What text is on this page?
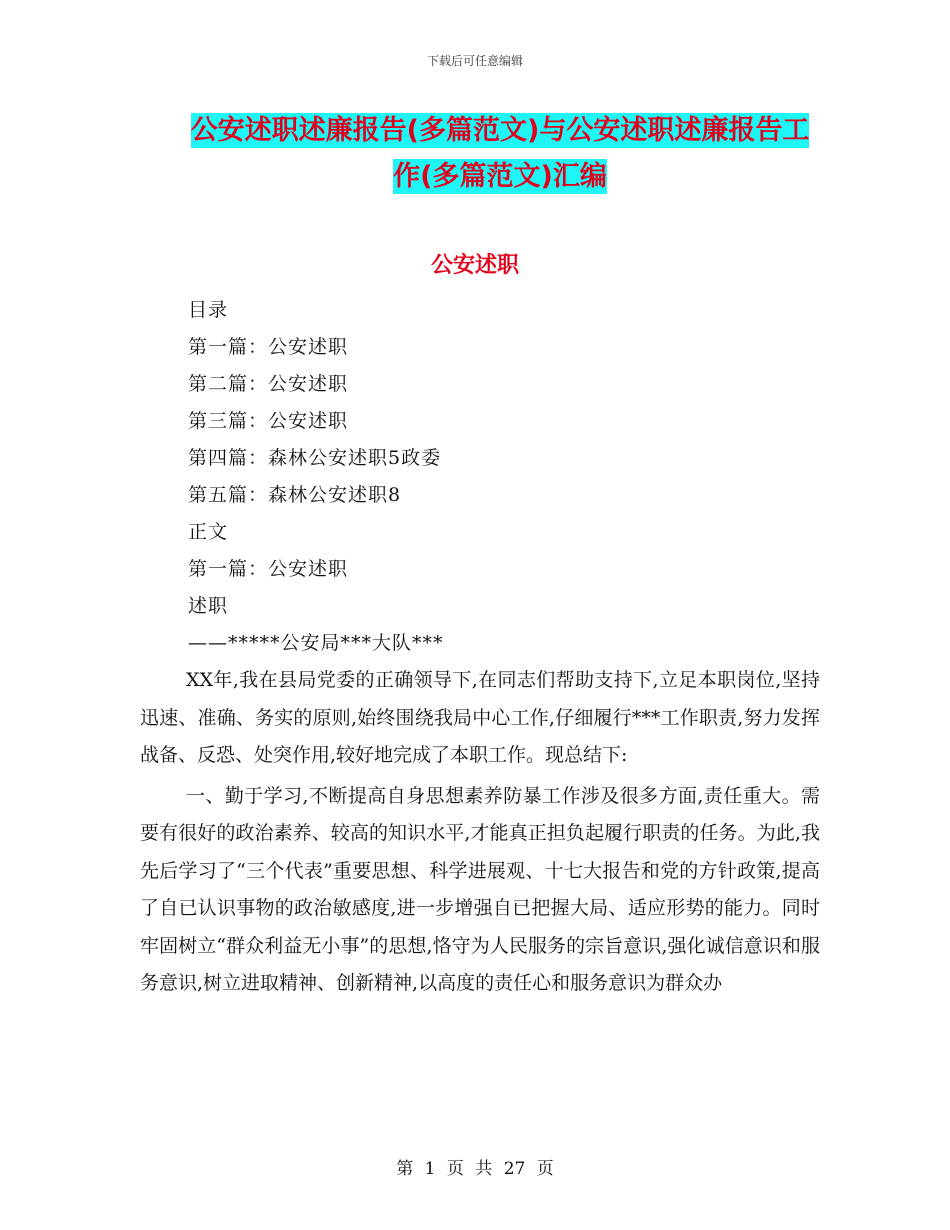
下载后可任意编辑
公安述职述廉报告(多篇范文)与公安述职述廉报告工
作(多篇范文)汇编
公安述职
目录
第一篇：公安述职
第二篇：公安述职
第三篇：公安述职
第四篇：森林公安述职5政委
第五篇：森林公安述职8
正文
第一篇：公安述职
述职
——*****公安局***大队***

XX年,我在县局党委的正确领导下,在同志们帮助支持下,立足本职岗位,坚持迅速、准确、务实的原则,始终围绕我局中心工作,仔细履行***工作职责,努力发挥战备、反恐、处突作用,较好地完成了本职工作。现总结下:

一、勤于学习,不断提高自身思想素养防暴工作涉及很多方面,责任重大。需要有很好的政治素养、较高的知识水平,才能真正担负起履行职责的任务。为此,我先后学习了“三个代表”重要思想、科学进展观、十七大报告和党的方针政策,提高了自已认识事物的政治敏感度,进一步增强自已把握大局、适应形势的能力。同时牢固树立“群众利益无小事”的思想,恪守为人民服务的宗旨意识,强化诚信意识和服务意识,树立进取精神、创新精神,以高度的责任心和服务意识为群众办

第 1 页 共 27 页
